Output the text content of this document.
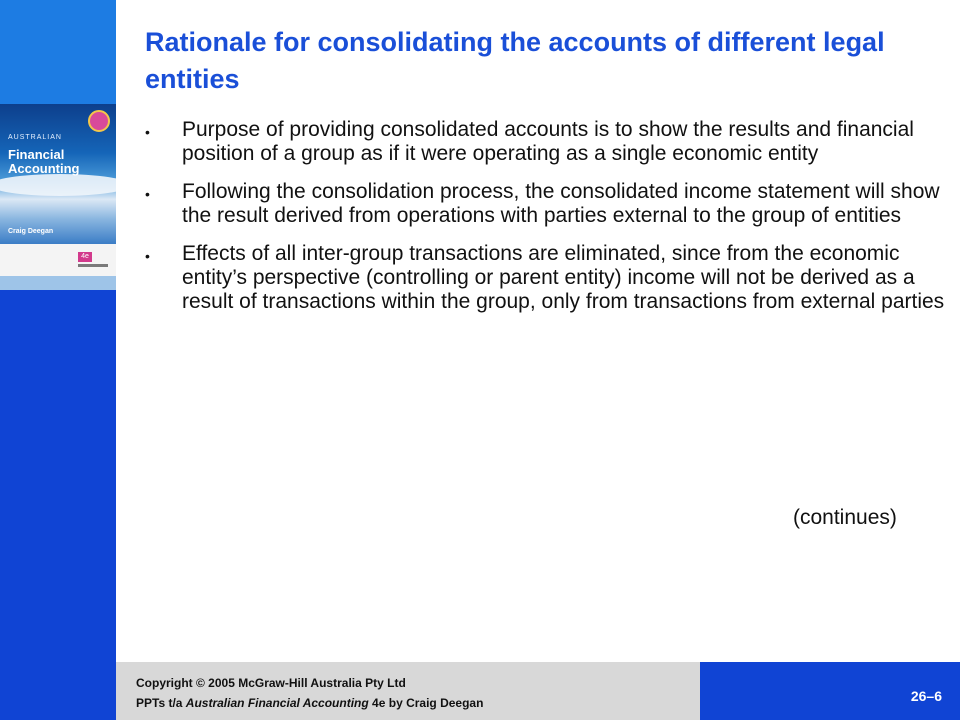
AUSTRALIAN
Financial
Accounting
Craig Deegan
4e
Rationale for consolidating the accounts of different legal entities
• Purpose of providing consolidated accounts is to show the results and financial position of a group as if it were operating as a single economic entity
• Following the consolidation process, the consolidated income statement will show the result derived from operations with parties external to the group of entities
• Effects of all inter-group transactions are eliminated, since from the economic entity’s perspective (controlling or parent entity) income will not be derived as a result of transactions within the group, only from transactions from external parties
(continues)
Copyright © 2005 McGraw-Hill Australia Pty Ltd
PPTs t/a Australian Financial Accounting 4e by Craig Deegan	26–6
